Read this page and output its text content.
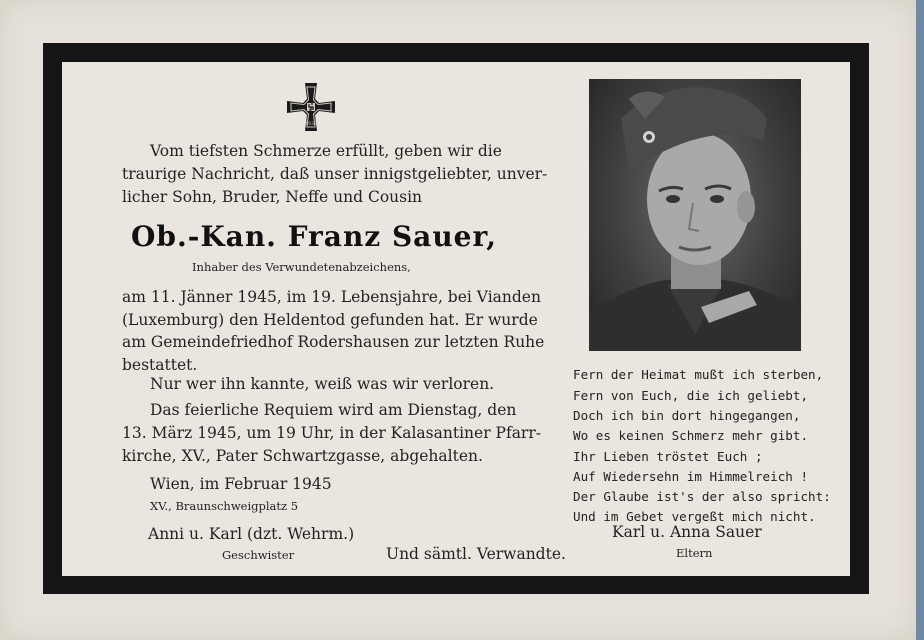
1939
Vom tiefsten Schmerze erfüllt, geben wir die
traurige Nachricht, daß unser innigstgeliebter, unver-
licher Sohn, Bruder, Neffe und Cousin
Ob.-Kan. Franz Sauer,
Inhaber des Verwundetenabzeichens,
am 11. Jänner 1945, im 19. Lebensjahre, bei Vianden
(Luxemburg) den Heldentod gefunden hat. Er wurde
am Gemeindefriedhof Rodershausen zur letzten Ruhe
bestattet.
Nur wer ihn kannte, weiß was wir verloren.
Das feierliche Requiem wird am Dienstag, den
13. März 1945, um 19 Uhr, in der Kalasantiner Pfarr-
kirche, XV., Pater Schwartzgasse, abgehalten.
Wien, im Februar 1945
XV., Braunschweigplatz 5
Anni u. Karl (dzt. Wehrm.)
Geschwister	Und sämtl. Verwandte.
Karl u. Anna Sauer
Eltern
Fern der Heimat mußt ich sterben,
Fern von Euch, die ich geliebt,
Doch ich bin dort hingegangen,
Wo es keinen Schmerz mehr gibt.
Ihr Lieben tröstet Euch ;
Auf Wiedersehn im Himmelreich !
Der Glaube ist's der also spricht:
Und im Gebet vergeßt mich nicht.
